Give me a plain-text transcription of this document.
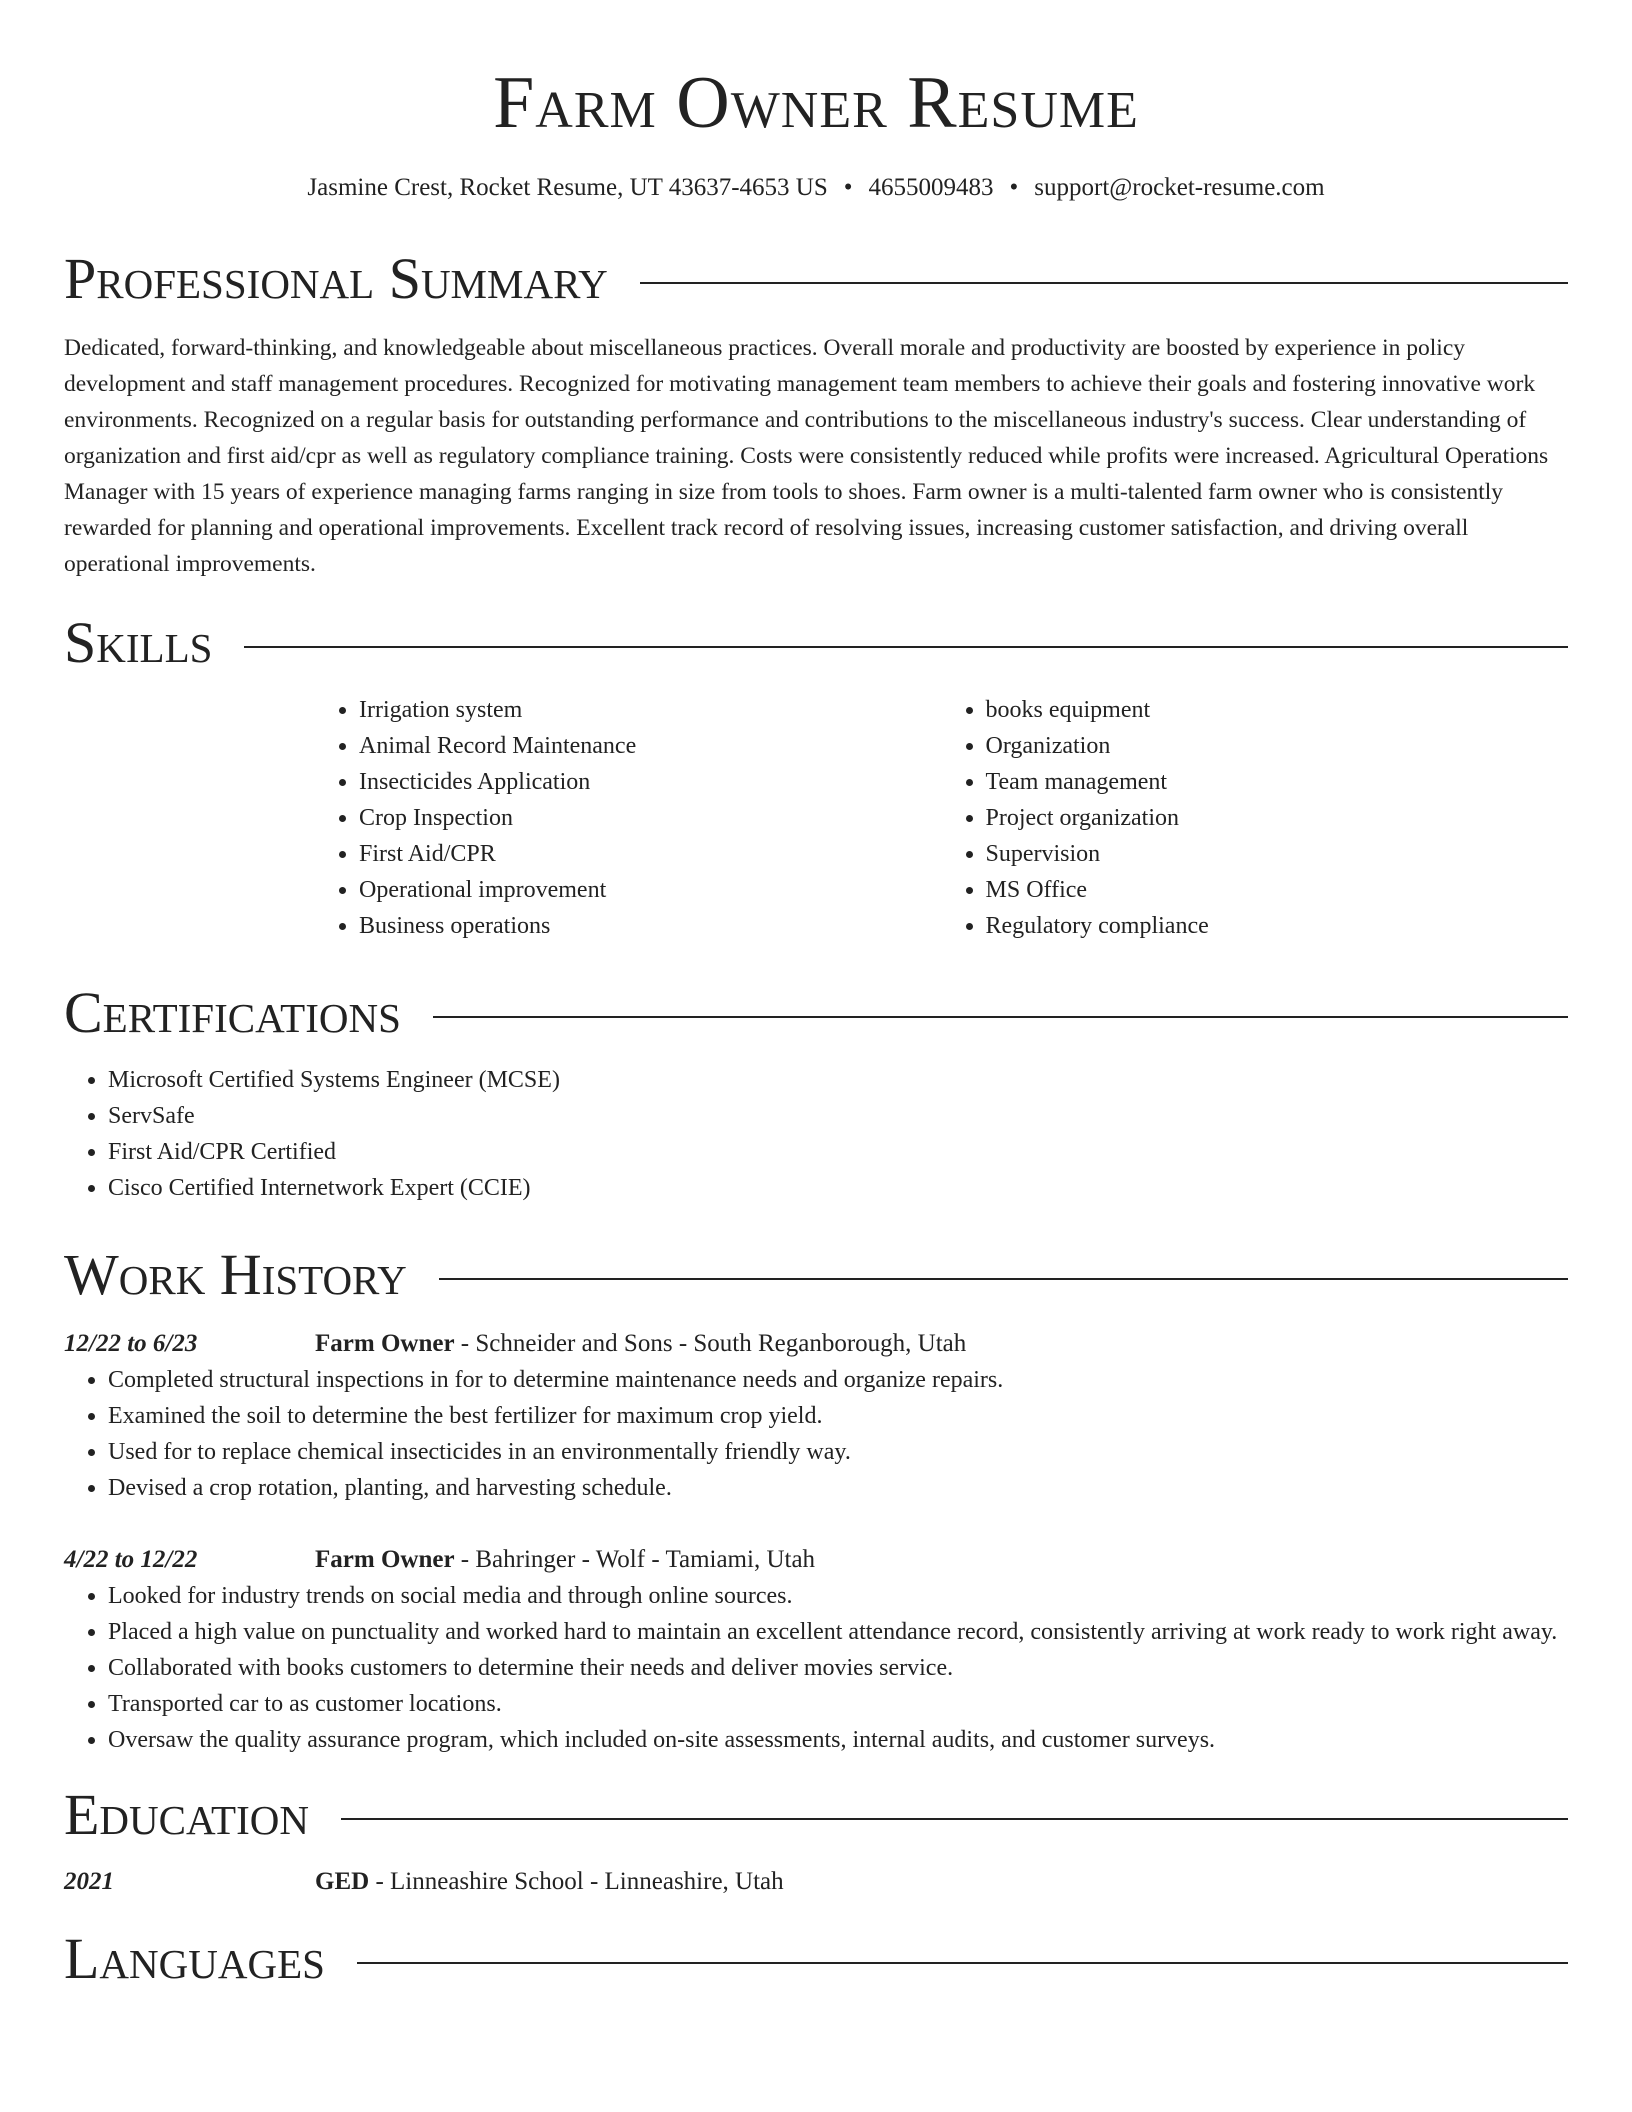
Farm Owner Resume
Jasmine Crest, Rocket Resume, UT 43637-4653 US • 4655009483 • support@rocket-resume.com
Professional Summary

Dedicated, forward-thinking, and knowledgeable about miscellaneous practices. Overall morale and productivity are boosted by experience in policy development and staff management procedures. Recognized for motivating management team members to achieve their goals and fostering innovative work environments. Recognized on a regular basis for outstanding performance and contributions to the miscellaneous industry's success. Clear understanding of organization and first aid/cpr as well as regulatory compliance training. Costs were consistently reduced while profits were increased. Agricultural Operations Manager with 15 years of experience managing farms ranging in size from tools to shoes. Farm owner is a multi-talented farm owner who is consistently rewarded for planning and operational improvements. Excellent track record of resolving issues, increasing customer satisfaction, and driving overall operational improvements.

Skills
• Irrigation system
• Animal Record Maintenance
• Insecticides Application
• Crop Inspection
• First Aid/CPR
• Operational improvement
• Business operations
• books equipment
• Organization
• Team management
• Project organization
• Supervision
• MS Office
• Regulatory compliance
Certifications
• Microsoft Certified Systems Engineer (MCSE)
• ServSafe
• First Aid/CPR Certified
• Cisco Certified Internetwork Expert (CCIE)
Work History
12/22 to 6/23	Farm Owner - Schneider and Sons - South Reganborough, Utah
• Completed structural inspections in for to determine maintenance needs and organize repairs.
• Examined the soil to determine the best fertilizer for maximum crop yield.
• Used for to replace chemical insecticides in an environmentally friendly way.
• Devised a crop rotation, planting, and harvesting schedule.
4/22 to 12/22	Farm Owner - Bahringer - Wolf - Tamiami, Utah
• Looked for industry trends on social media and through online sources.
• Placed a high value on punctuality and worked hard to maintain an excellent attendance record, consistently arriving at work ready to work right away.
• Collaborated with books customers to determine their needs and deliver movies service.
• Transported car to as customer locations.
• Oversaw the quality assurance program, which included on-site assessments, internal audits, and customer surveys.
Education
2021	GED - Linneashire School - Linneashire, Utah
Languages
